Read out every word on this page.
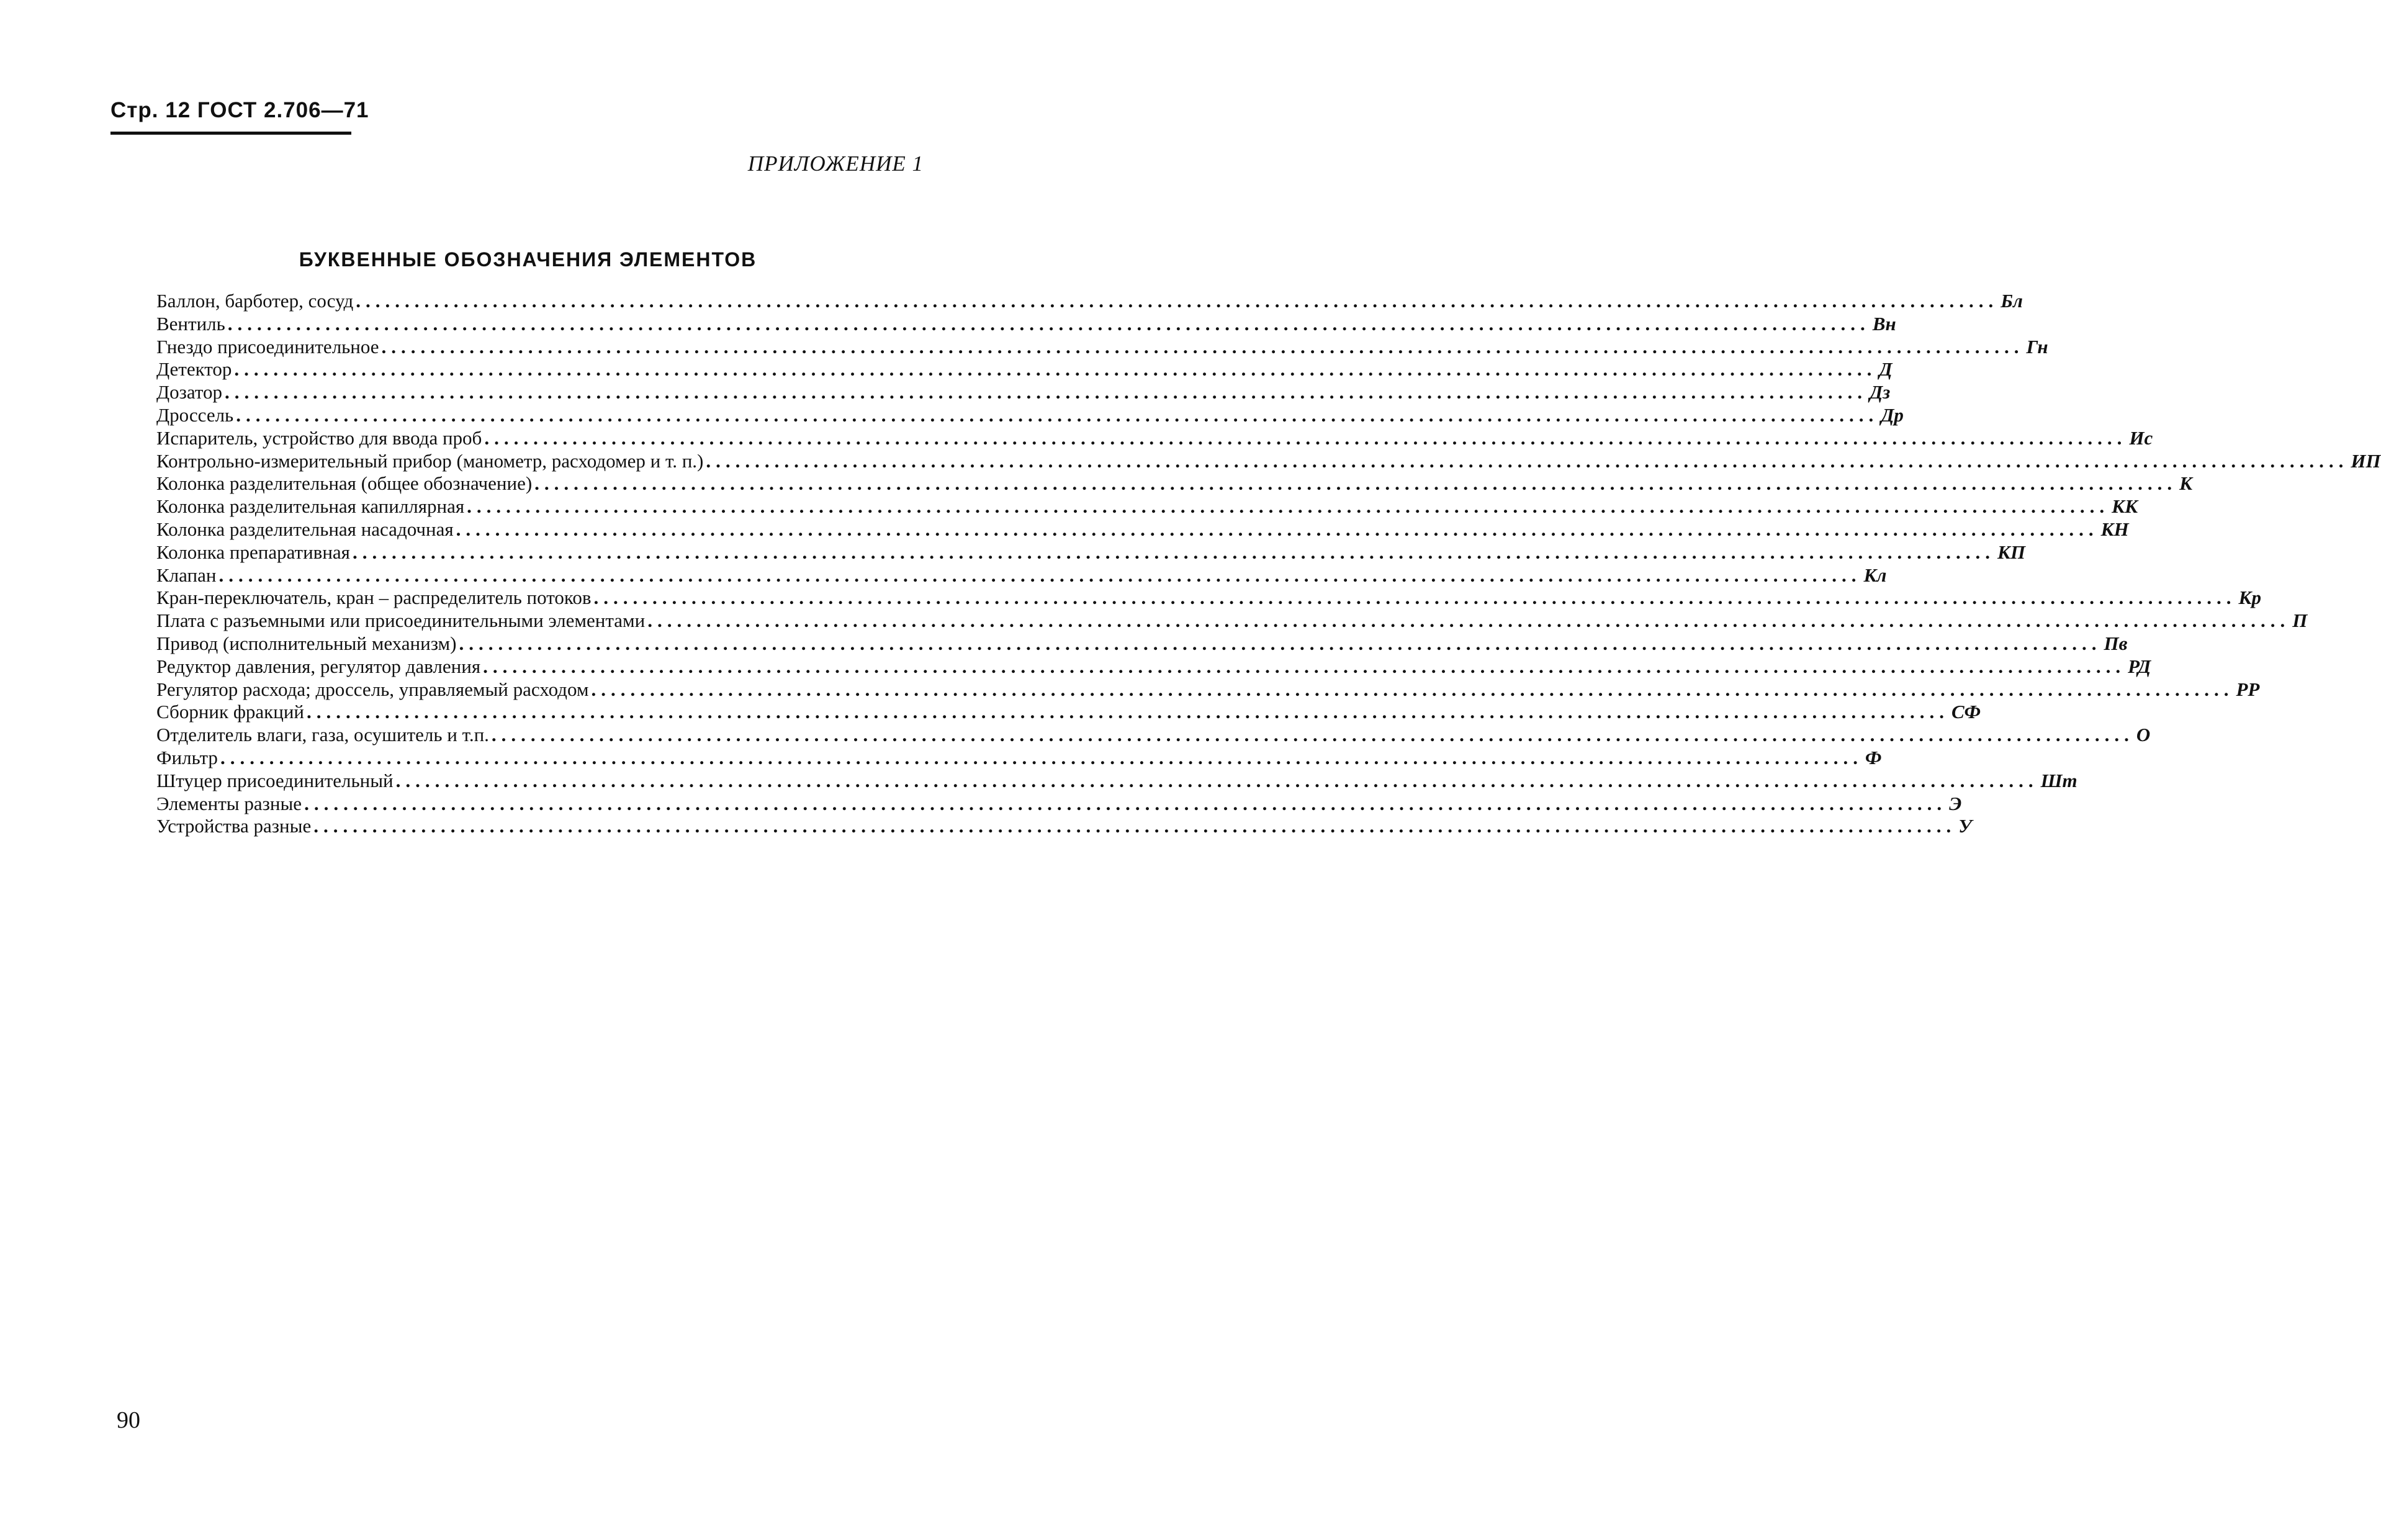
Стр. 12 ГОСТ 2.706—71
ПРИЛОЖЕНИЕ 1
БУКВЕННЫЕ ОБОЗНАЧЕНИЯ ЭЛЕМЕНТОВ
Баллон, барботер, сосуд ........................................................................................................................................................................ Бл
Вентиль ........................................................................................................................................................................ Вн
Гнездо присоединительное ........................................................................................................................................................................ Гн
Детектор ........................................................................................................................................................................ Д
Дозатор ........................................................................................................................................................................ Дз
Дроссель ........................................................................................................................................................................ Др
Испаритель, устройство для ввода проб ........................................................................................................................................................................ Ис
Контрольно-измерительный прибор (манометр, расходомер и т. п.) ........................................................................................................................................................................ ИП
Колонка разделительная (общее обозначение) ........................................................................................................................................................................ К
Колонка разделительная капиллярная ........................................................................................................................................................................ КК
Колонка разделительная насадочная ........................................................................................................................................................................ КН
Колонка препаративная ........................................................................................................................................................................ КП
Клапан ........................................................................................................................................................................ Кл
Кран-переключатель, кран – распределитель потоков ........................................................................................................................................................................ Кр
Плата с разъемными или присоединительными элементами ........................................................................................................................................................................ П
Привод (исполнительный механизм) ........................................................................................................................................................................ Пв
Редуктор давления, регулятор давления ........................................................................................................................................................................ РД
Регулятор расхода; дроссель, управляемый расходом ........................................................................................................................................................................ РР
Сборник фракций ........................................................................................................................................................................ СФ
Отделитель влаги, газа, осушитель и т.п. ........................................................................................................................................................................ О
Фильтр ........................................................................................................................................................................ Ф
Штуцер присоединительный ........................................................................................................................................................................ Шт
Элементы разные ........................................................................................................................................................................ Э
Устройства разные ........................................................................................................................................................................ У
90
